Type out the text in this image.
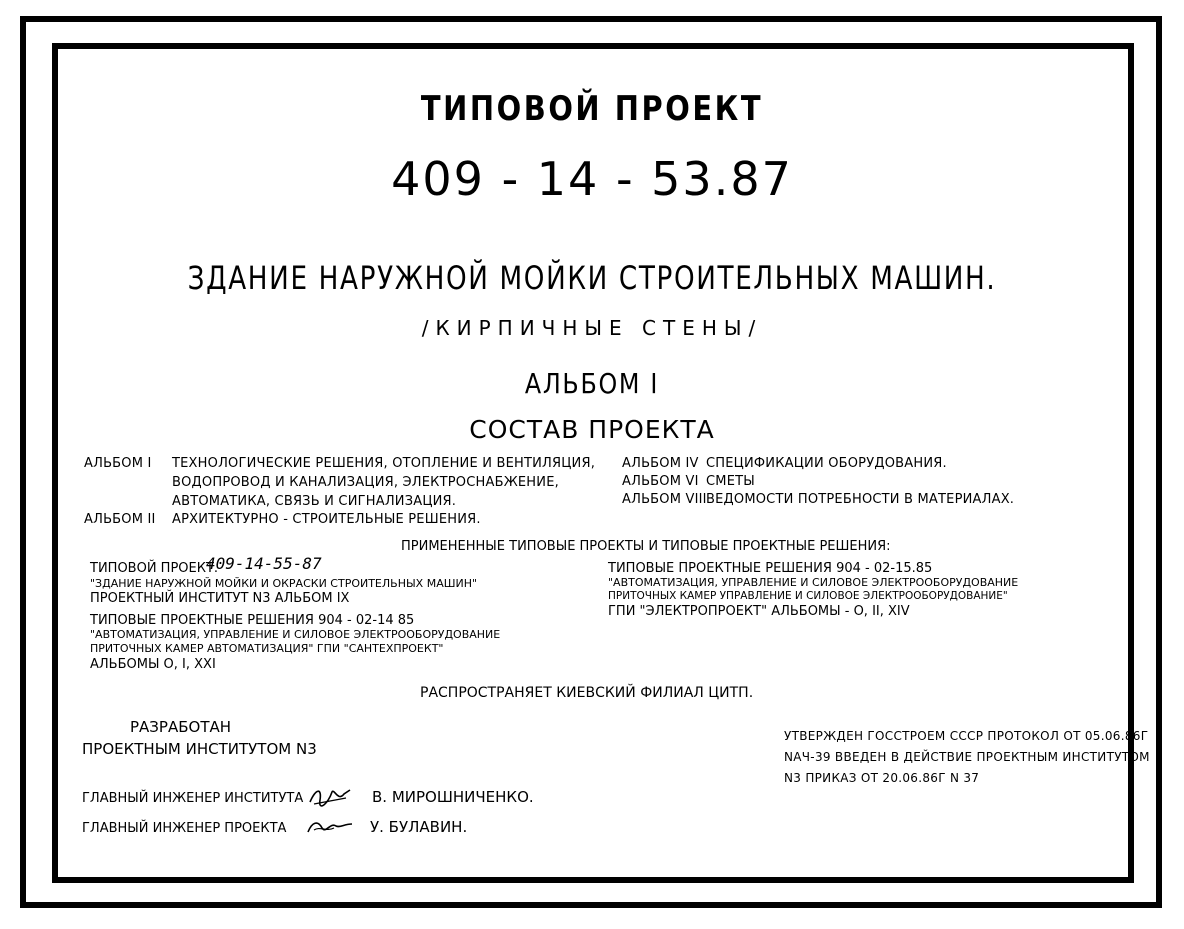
ТИПОВОЙ ПРОЕКТ
409 - 14 - 53.87
ЗДАНИЕ НАРУЖНОЙ МОЙКИ СТРОИТЕЛЬНЫХ МАШИН.
/КИРПИЧНЫЕ СТЕНЫ/
АЛЬБОМ I
СОСТАВ ПРОЕКТА
АЛЬБОМ I ТЕХНОЛОГИЧЕСКИЕ РЕШЕНИЯ, ОТОПЛЕНИЕ И ВЕНТИЛЯЦИЯ,
ВОДОПРОВОД И КАНАЛИЗАЦИЯ, ЭЛЕКТРОСНАБЖЕНИЕ,
АВТОМАТИКА, СВЯЗЬ И СИГНАЛИЗАЦИЯ.
АЛЬБОМ II АРХИТЕКТУРНО - СТРОИТЕЛЬНЫЕ РЕШЕНИЯ.
АЛЬБОМ IV СПЕЦИФИКАЦИИ ОБОРУДОВАНИЯ.
АЛЬБОМ VI СМЕТЫ
АЛЬБОМ VIII ВЕДОМОСТИ ПОТРЕБНОСТИ В МАТЕРИАЛАХ.
ПРИМЕНЕННЫЕ ТИПОВЫЕ ПРОЕКТЫ И ТИПОВЫЕ ПРОЕКТНЫЕ РЕШЕНИЯ:
ТИПОВОЙ ПРОЕКТ.
409-14-55-87
"ЗДАНИЕ НАРУЖНОЙ МОЙКИ И ОКРАСКИ СТРОИТЕЛЬНЫХ МАШИН"
ПРОЕКТНЫЙ ИНСТИТУТ N3 АЛЬБОМ IX
ТИПОВЫЕ ПРОЕКТНЫЕ РЕШЕНИЯ 904 - 02-14 85
"АВТОМАТИЗАЦИЯ, УПРАВЛЕНИЕ И СИЛОВОЕ ЭЛЕКТРООБОРУДОВАНИЕ
ПРИТОЧНЫХ КАМЕР АВТОМАТИЗАЦИЯ" ГПИ "САНТЕХПРОЕКТ"
АЛЬБОМЫ О, I, XXI
ТИПОВЫЕ ПРОЕКТНЫЕ РЕШЕНИЯ 904 - 02-15.85
"АВТОМАТИЗАЦИЯ, УПРАВЛЕНИЕ И СИЛОВОЕ ЭЛЕКТРООБОРУДОВАНИЕ
ПРИТОЧНЫХ КАМЕР УПРАВЛЕНИЕ И СИЛОВОЕ ЭЛЕКТРООБОРУДОВАНИЕ"
ГПИ "ЭЛЕКТРОПРОЕКТ" АЛЬБОМЫ - О, II, XIV
РАСПРОСТРАНЯЕТ КИЕВСКИЙ ФИЛИАЛ ЦИТП.
РАЗРАБОТАН
ПРОЕКТНЫМ ИНСТИТУТОМ N3
УТВЕРЖДЕН ГОССТРОЕМ СССР ПРОТОКОЛ ОТ 05.06.86Г
NАЧ-39 ВВЕДЕН В ДЕЙСТВИЕ ПРОЕКТНЫМ ИНСТИТУТОМ
N3 ПРИКАЗ ОТ 20.06.86Г N 37
ГЛАВНЫЙ ИНЖЕНЕР ИНСТИТУТА	В. МИРОШНИЧЕНКО.
ГЛАВНЫЙ ИНЖЕНЕР ПРОЕКТА	У. БУЛАВИН.
